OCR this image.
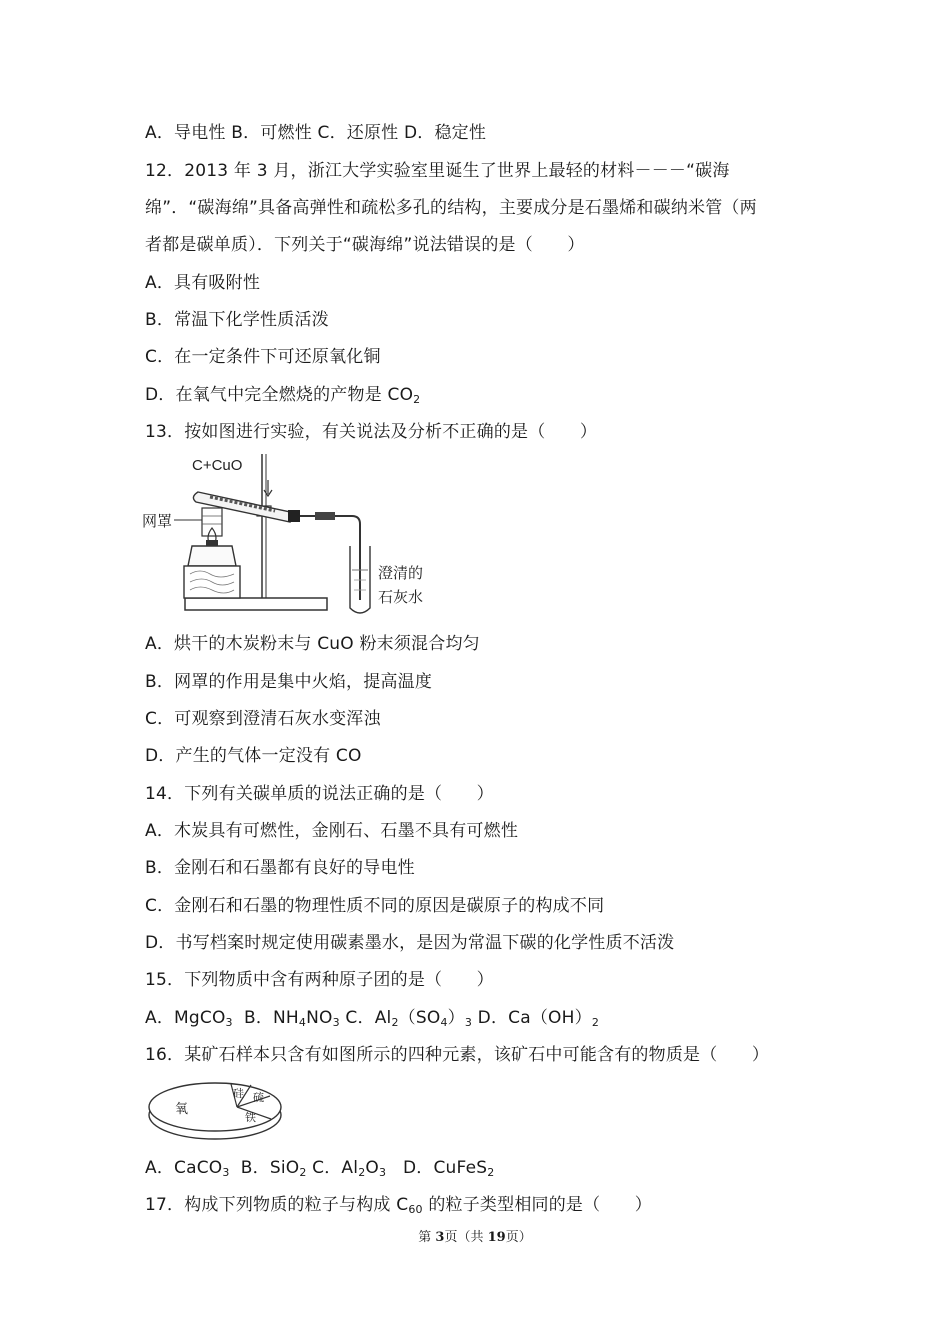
A．导电性 B．可燃性 C．还原性 D．稳定性
12．2013 年 3 月，浙江大学实验室里诞生了世界上最轻的材料－－－“碳海
绵”．“碳海绵”具备高弹性和疏松多孔的结构，主要成分是石墨烯和碳纳米管（两
者都是碳单质）．下列关于“碳海绵”说法错误的是（　　）
A．具有吸附性
B．常温下化学性质活泼
C．在一定条件下可还原氧化铜
D．在氧气中完全燃烧的产物是 $CO_2$
13．按如图进行实验，有关说法及分析不正确的是（　　）
C+CuO
网罩
澄清的
石灰水
A．烘干的木炭粉末与 CuO 粉末须混合均匀
B．网罩的作用是集中火焰，提高温度
C．可观察到澄清石灰水变浑浊
D．产生的气体一定没有 CO
14．下列有关碳单质的说法正确的是（　　）
A．木炭具有可燃性，金刚石、石墨不具有可燃性
B．金刚石和石墨都有良好的导电性
C．金刚石和石墨的物理性质不同的原因是碳原子的构成不同
D．书写档案时规定使用碳素墨水，是因为常温下碳的化学性质不活泼
15．下列物质中含有两种原子团的是（　　）
A．MgCO$_3$  B．$NH_4NO_3$ C．$Al_2(SO_4)_3$ D．$Ca(OH)_2$
16．某矿石样本只含有如图所示的四种元素，该矿石中可能含有的物质是（　　）
氧
硅 硫
铁
A．CaCO$_3$  B．SiO$_2$ C．$Al_2O_3$   D．CuFeS$_2$
17．构成下列物质的粒子与构成 $C_{60}$ 的粒子类型相同的是（　　）
第 3页（共 19页）
